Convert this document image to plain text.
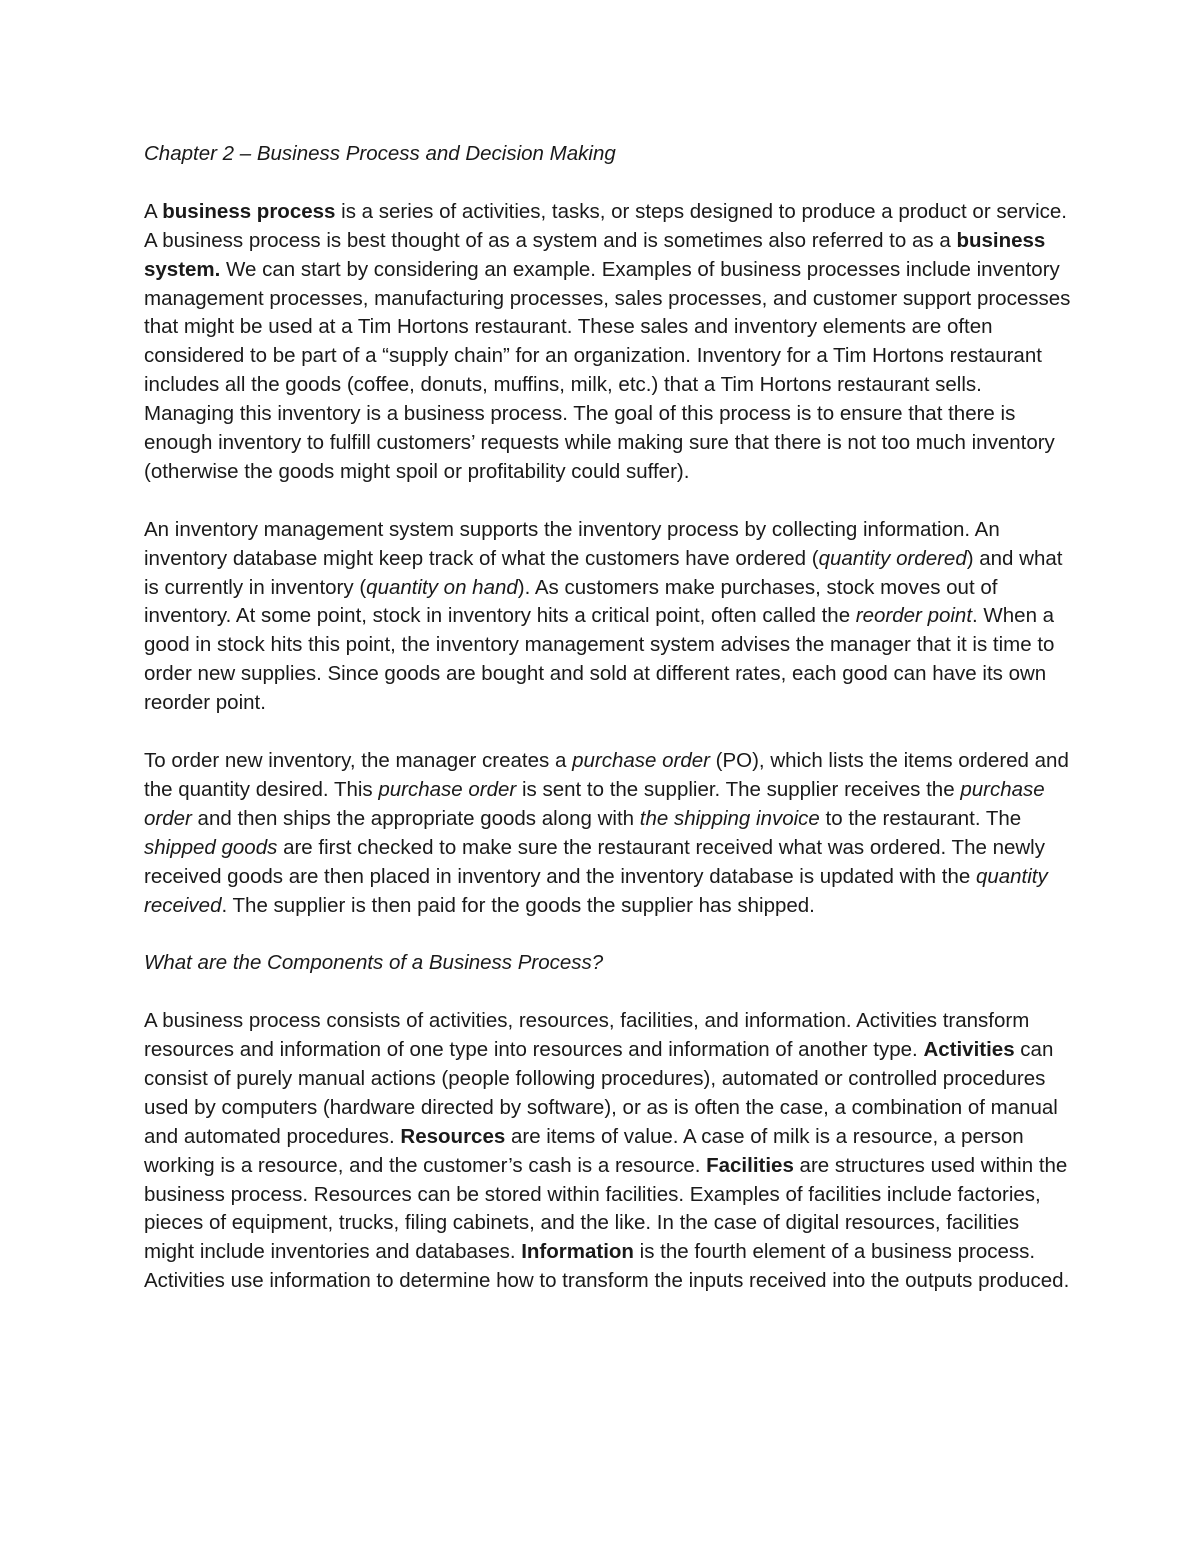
Chapter 2 – Business Process and Decision Making

A business process is a series of activities, tasks, or steps designed to produce a product or service. A business process is best thought of as a system and is sometimes also referred to as a business system. We can start by considering an example. Examples of business processes include inventory management processes, manufacturing processes, sales processes, and customer support processes that might be used at a Tim Hortons restaurant. These sales and inventory elements are often considered to be part of a “supply chain” for an organization. Inventory for a Tim Hortons restaurant includes all the goods (coffee, donuts, muffins, milk, etc.) that a Tim Hortons restaurant sells. Managing this inventory is a business process. The goal of this process is to ensure that there is enough inventory to fulfill customers’ requests while making sure that there is not too much inventory (otherwise the goods might spoil or profitability could suffer).

An inventory management system supports the inventory process by collecting information. An inventory database might keep track of what the customers have ordered (quantity ordered) and what is currently in inventory (quantity on hand). As customers make purchases, stock moves out of inventory. At some point, stock in inventory hits a critical point, often called the reorder point. When a good in stock hits this point, the inventory management system advises the manager that it is time to order new supplies. Since goods are bought and sold at different rates, each good can have its own reorder point.

To order new inventory, the manager creates a purchase order (PO), which lists the items ordered and the quantity desired. This purchase order is sent to the supplier. The supplier receives the purchase order and then ships the appropriate goods along with the shipping invoice to the restaurant. The shipped goods are first checked to make sure the restaurant received what was ordered. The newly received goods are then placed in inventory and the inventory database is updated with the quantity received. The supplier is then paid for the goods the supplier has shipped.

What are the Components of a Business Process?

A business process consists of activities, resources, facilities, and information. Activities transform resources and information of one type into resources and information of another type. Activities can consist of purely manual actions (people following procedures), automated or controlled procedures used by computers (hardware directed by software), or as is often the case, a combination of manual and automated procedures. Resources are items of value. A case of milk is a resource, a person working is a resource, and the customer’s cash is a resource. Facilities are structures used within the business process. Resources can be stored within facilities. Examples of facilities include factories, pieces of equipment, trucks, filing cabinets, and the like. In the case of digital resources, facilities might include inventories and databases. Information is the fourth element of a business process. Activities use information to determine how to transform the inputs received into the outputs produced.
